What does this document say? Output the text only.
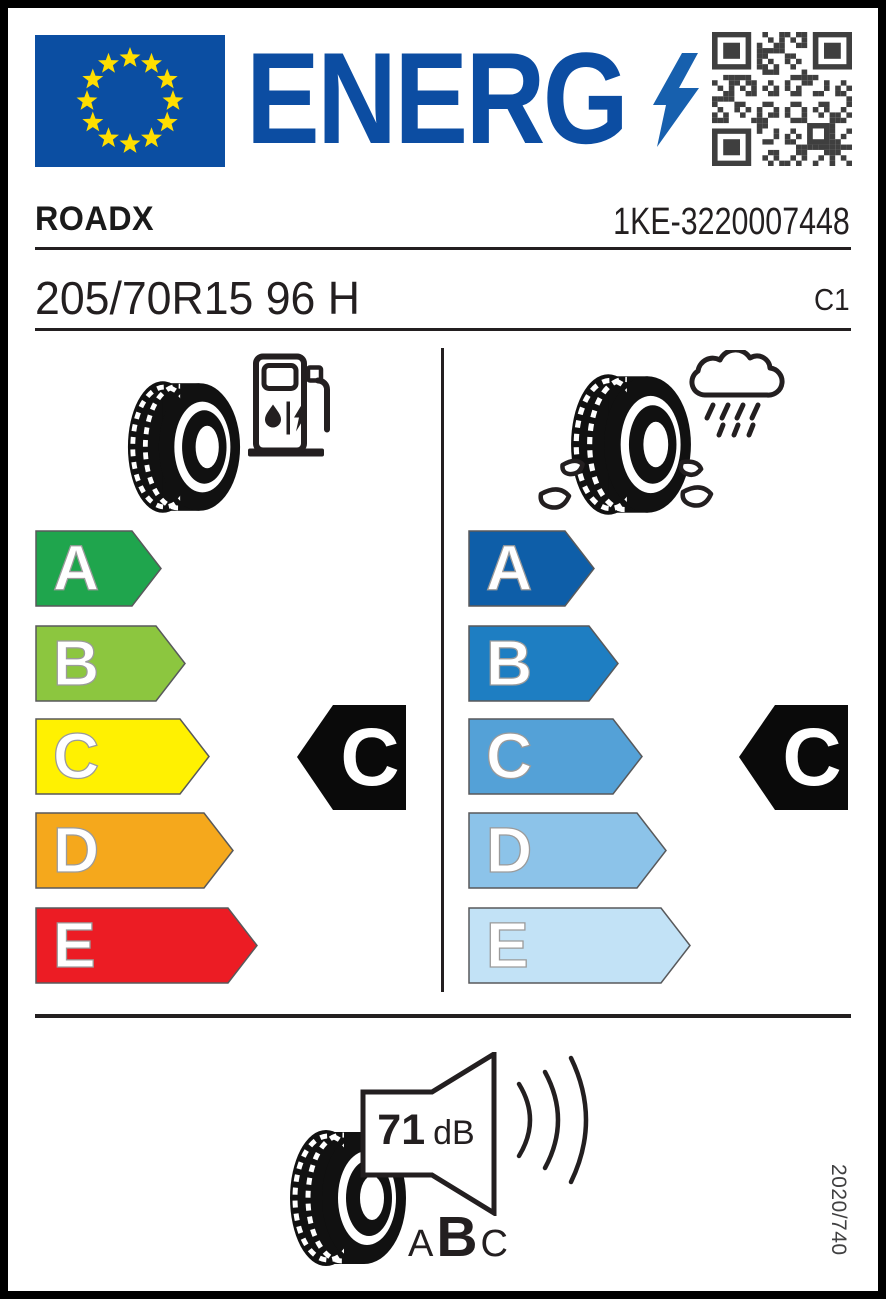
ENERG
ROADX	1KE-3220007448
205/70R15 96 H	C1
A
B
C
D
E
C
A
B
C
D
E
C
71 dB
A B C	2020/740
